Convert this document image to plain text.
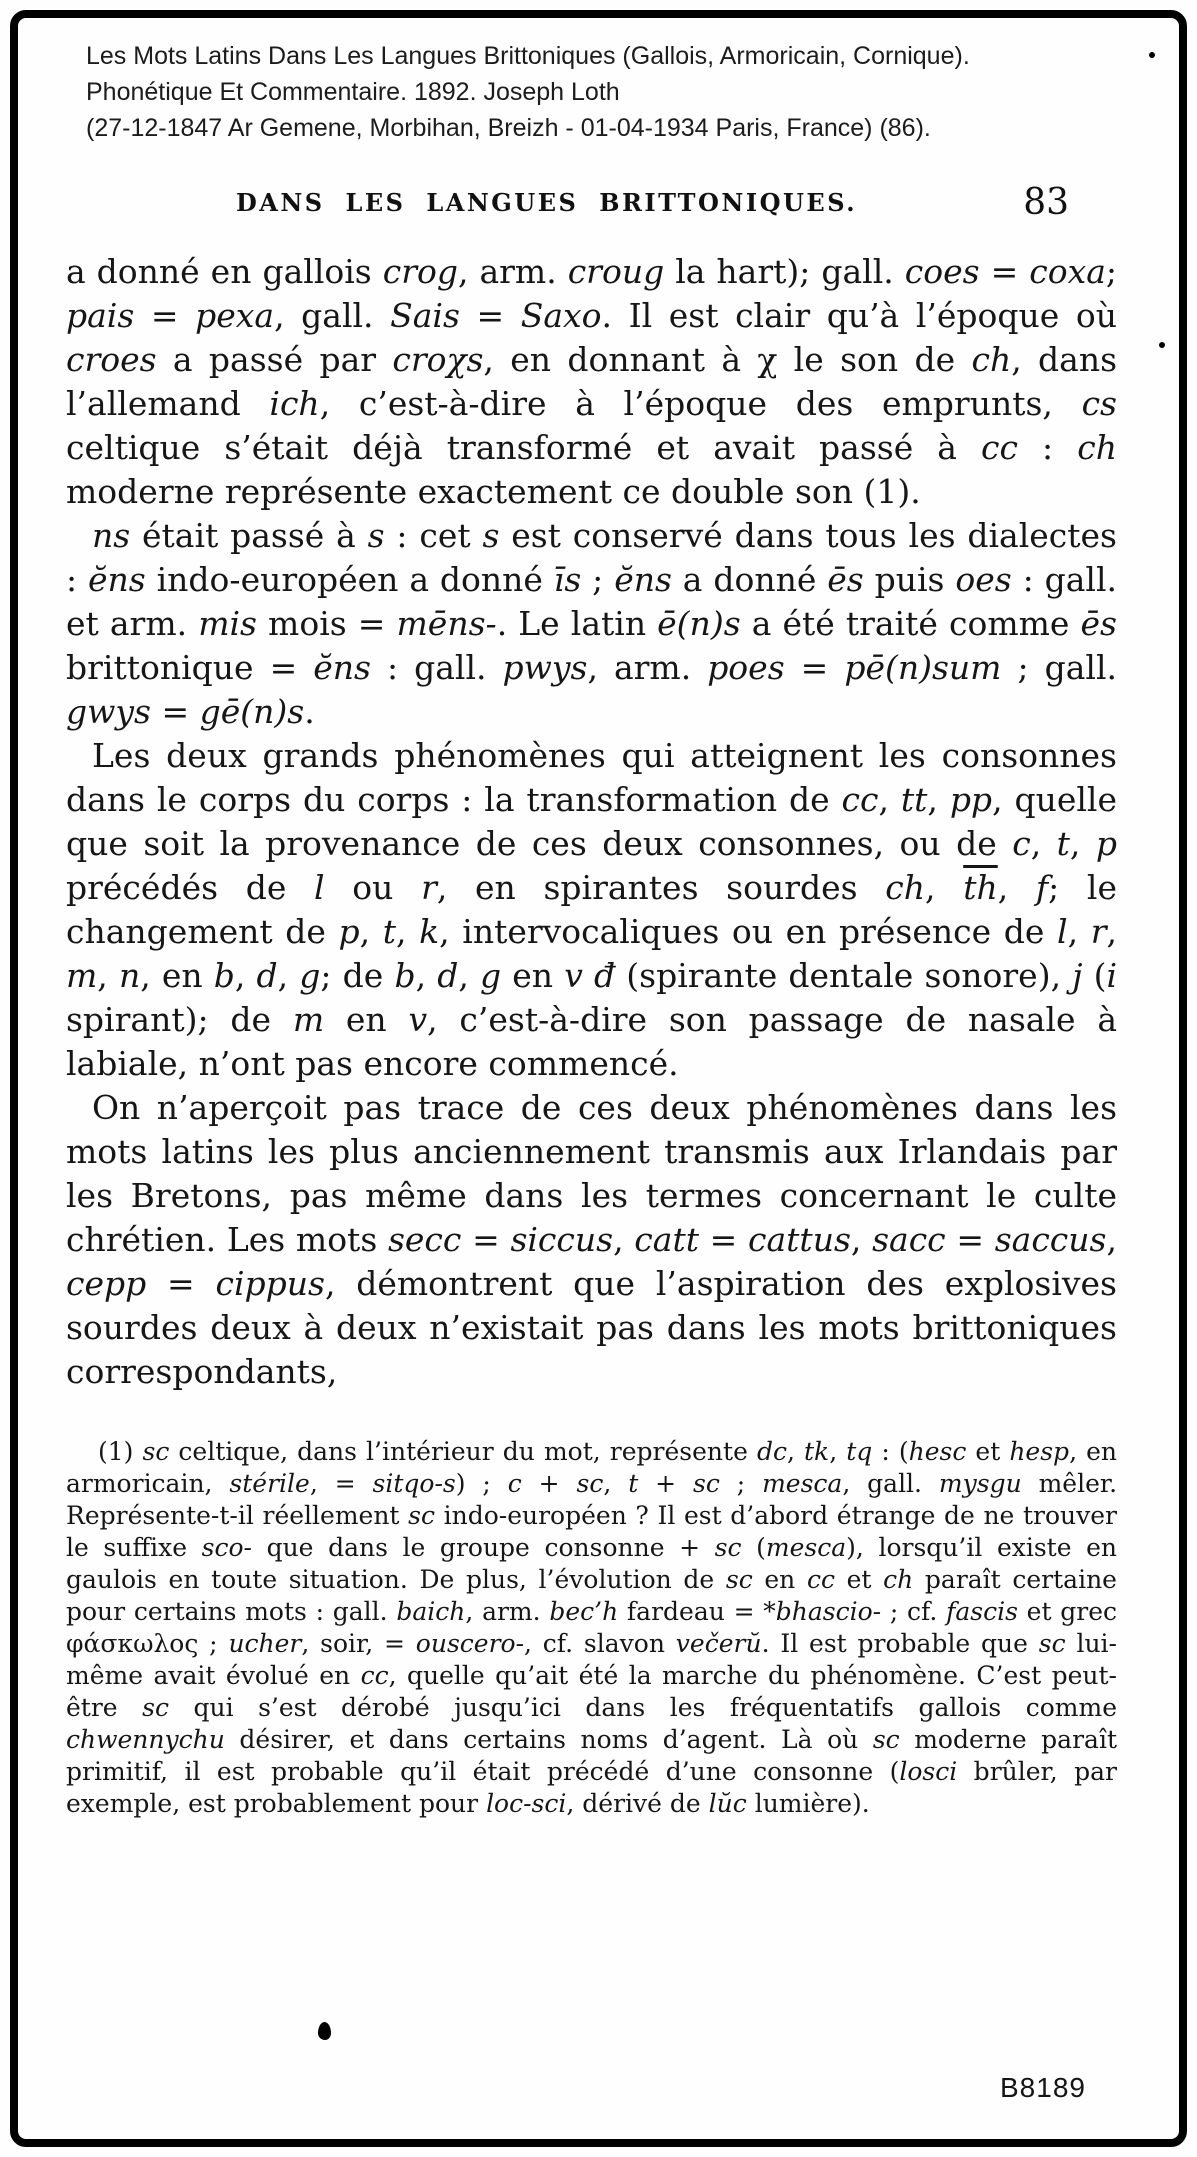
Les Mots Latins Dans Les Langues Brittoniques (Gallois, Armoricain, Cornique).
Phonétique Et Commentaire. 1892. Joseph Loth
(27-12-1847 Ar Gemene, Morbihan, Breizh - 01-04-1934 Paris, France) (86).
DANS LES LANGUES BRITTONIQUES.	83

a donné en gallois crog, arm. croug la hart); gall. coes = coxa; pais = pexa, gall. Sais = Saxo. Il est clair qu’à l’époque où croes a passé par croχs, en donnant à χ le son de ch, dans l’allemand ich, c’est-à-dire à l’époque des emprunts, cs celtique s’était déjà transformé et avait passé à cc : ch moderne représente exactement ce double son (1).

ns était passé à s : cet s est conservé dans tous les dialectes : ĕns indo-européen a donné īs ; ĕns a donné ēs puis oes : gall. et arm. mis mois = mēns-. Le latin ē(n)s a été traité comme ēs brittonique = ĕns : gall. pwys, arm. poes = pē(n)sum ; gall. gwys = gē(n)s.

Les deux grands phénomènes qui atteignent les consonnes dans le corps du corps : la transformation de cc, tt, pp, quelle que soit la provenance de ces deux consonnes, ou de c, t, p précédés de l ou r, en spirantes sourdes ch, $\overline{th}$, f; le changement de p, t, k, intervocaliques ou en présence de l, r, m, n, en b, d, g; de b, d, g en v đ (spirante dentale sonore), j (i spirant); de m en v, c’est-à-dire son passage de nasale à labiale, n’ont pas encore commencé.

On n’aperçoit pas trace de ces deux phénomènes dans les mots latins les plus anciennement transmis aux Irlandais par les Bretons, pas même dans les termes concernant le culte chrétien. Les mots secc = siccus, catt = cattus, sacc = saccus, cepp = cippus, démontrent que l’aspiration des explosives sourdes deux à deux n’existait pas dans les mots brittoniques correspondants,

(1) sc celtique, dans l’intérieur du mot, représente dc, tk, tq : (hesc et hesp, en armoricain, stérile, = sitqo-s) ; c + sc, t + sc ; mesca, gall. mysgu mêler. Représente-t-il réellement sc indo-européen ? Il est d’abord étrange de ne trouver le suffixe sco- que dans le groupe consonne + sc (mesca), lorsqu’il existe en gaulois en toute situation. De plus, l’évolution de sc en cc et ch paraît certaine pour certains mots : gall. baich, arm. bec’h fardeau = *bhascio- ; cf. fascis et grec φάσκωλος ; ucher, soir, = ouscero-, cf. slavon večerŭ. Il est probable que sc lui-même avait évolué en cc, quelle qu’ait été la marche du phénomène. C’est peut-être sc qui s’est dérobé jusqu’ici dans les fréquentatifs gallois comme chwennychu désirer, et dans certains noms d’agent. Là où sc moderne paraît primitif, il est probable qu’il était précédé d’une consonne (losci brûler, par exemple, est probablement pour loc-sci, dérivé de lŭc lumière).
B8189
